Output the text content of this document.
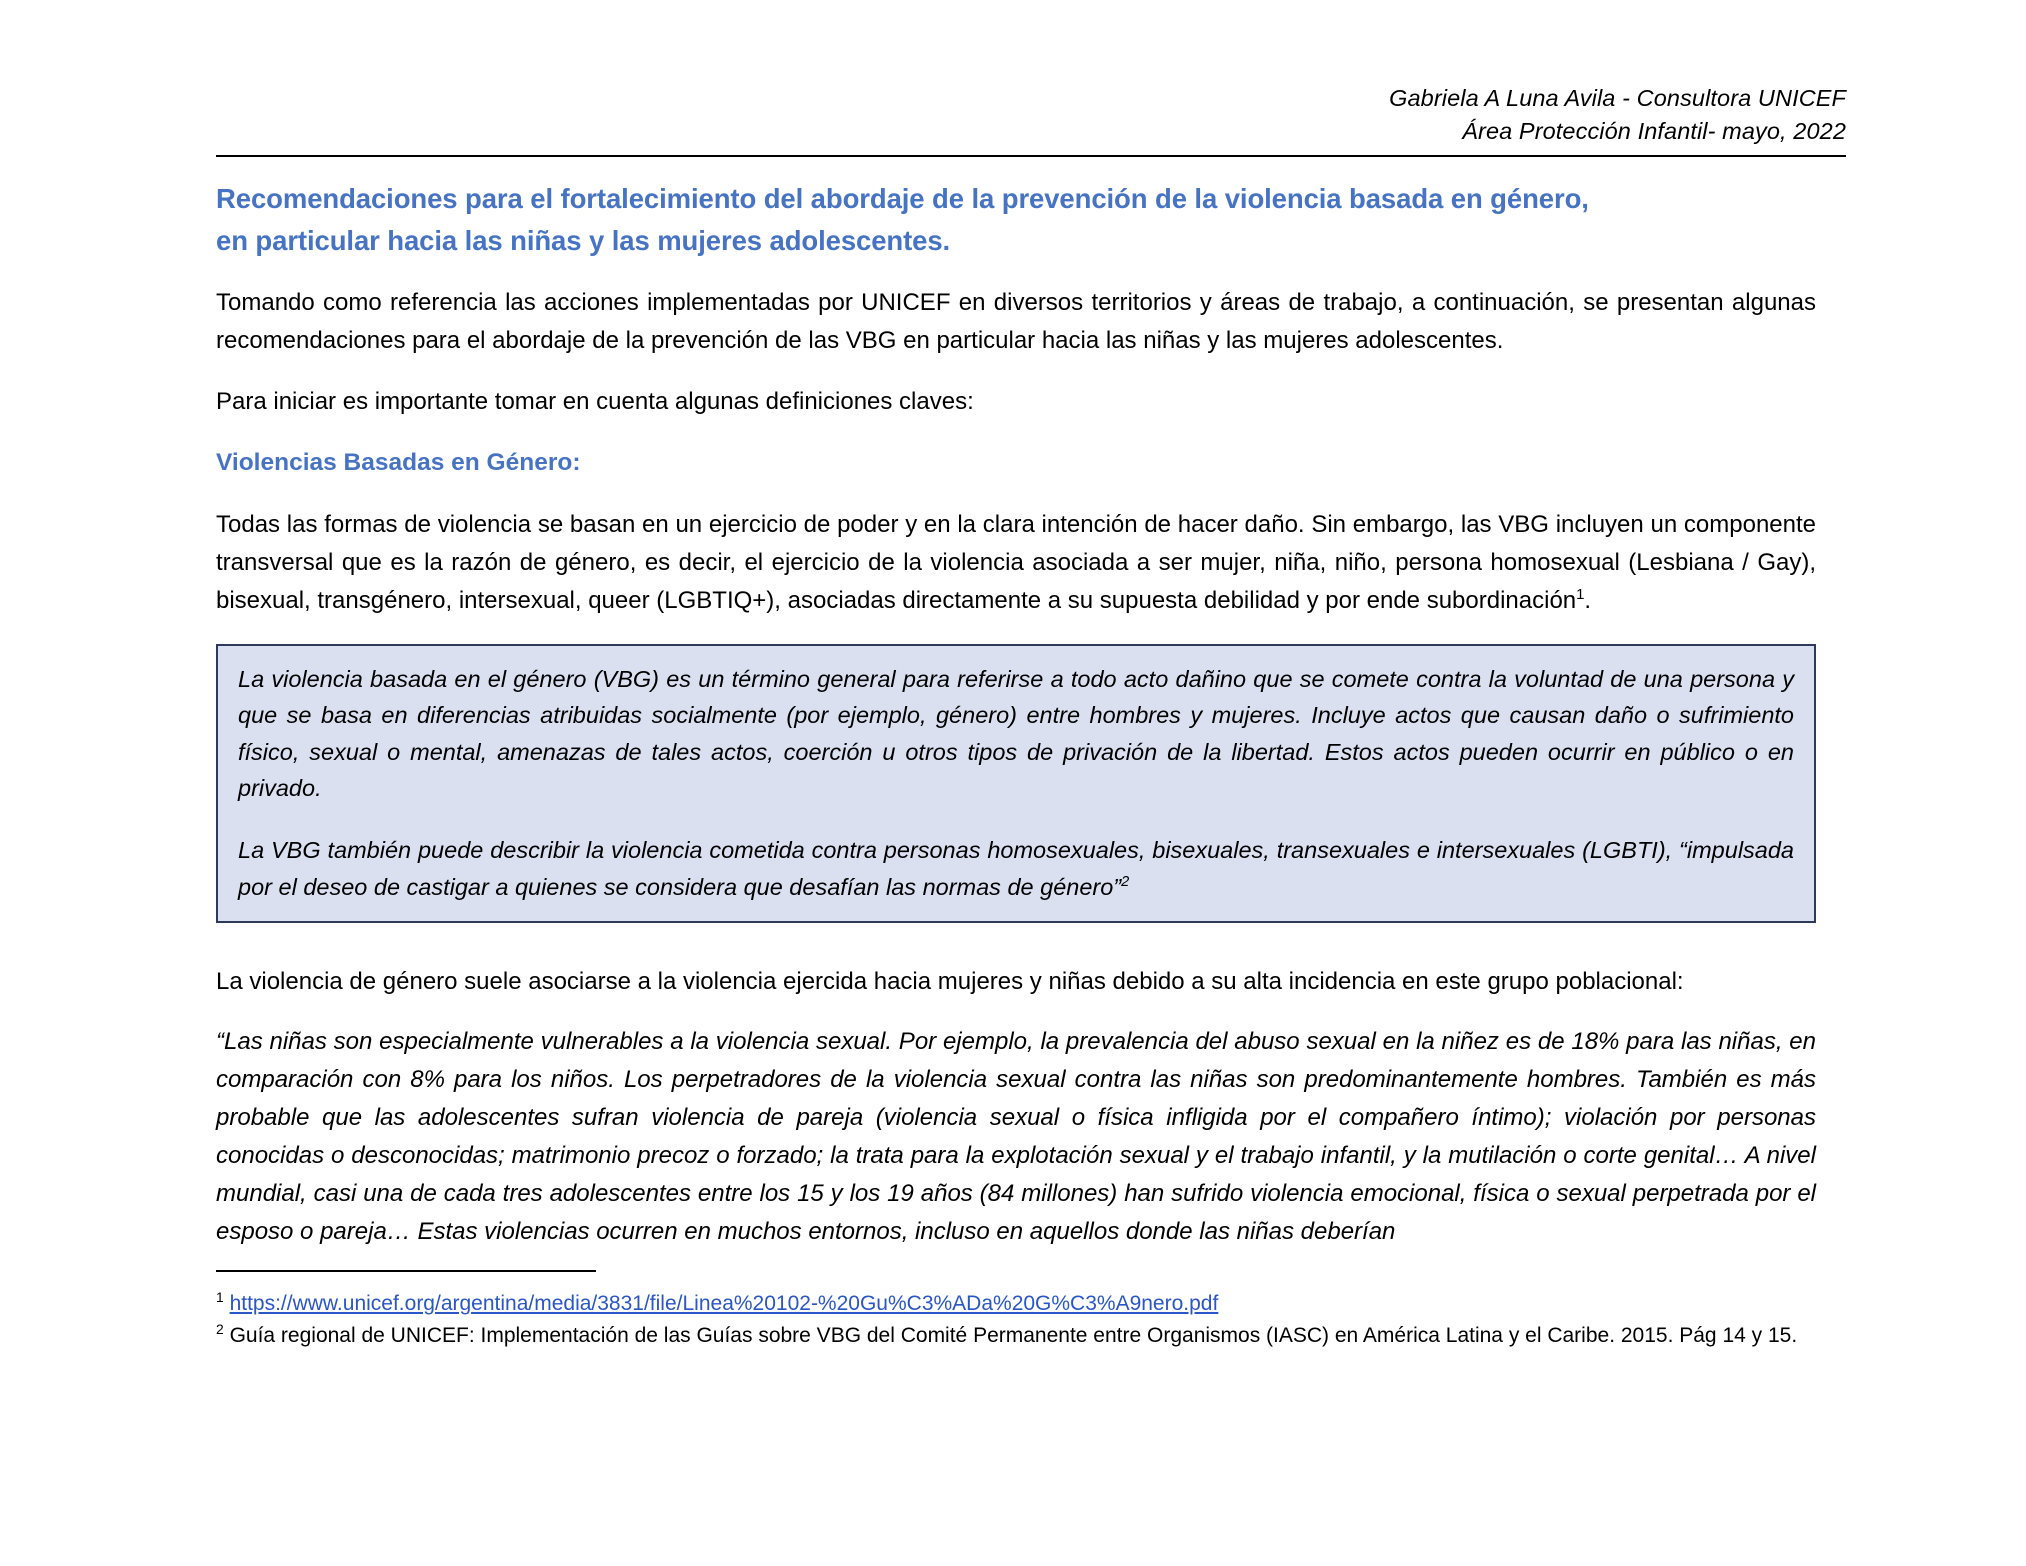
Gabriela A Luna Avila - Consultora UNICEF
Área Protección Infantil- mayo, 2022
Recomendaciones para el fortalecimiento del abordaje de la prevención de la violencia basada en género,
en particular hacia las niñas y las mujeres adolescentes.

Tomando como referencia las acciones implementadas por UNICEF en diversos territorios y áreas de trabajo, a continuación, se presentan algunas recomendaciones para el abordaje de la prevención de las VBG en particular hacia las niñas y las mujeres adolescentes.

Para iniciar es importante tomar en cuenta algunas definiciones claves:

Violencias Basadas en Género:

Todas las formas de violencia se basan en un ejercicio de poder y en la clara intención de hacer daño. Sin embargo, las VBG incluyen un componente transversal que es la razón de género, es decir, el ejercicio de la violencia asociada a ser mujer, niña, niño, persona homosexual (Lesbiana / Gay), bisexual, transgénero, intersexual, queer (LGBTIQ+), asociadas directamente a su supuesta debilidad y por ende subordinación$^1$.

La violencia basada en el género (VBG) es un término general para referirse a todo acto dañino que se comete contra la voluntad de una persona y que se basa en diferencias atribuidas socialmente (por ejemplo, género) entre hombres y mujeres. Incluye actos que causan daño o sufrimiento físico, sexual o mental, amenazas de tales actos, coerción u otros tipos de privación de la libertad. Estos actos pueden ocurrir en público o en privado.

La VBG también puede describir la violencia cometida contra personas homosexuales, bisexuales, transexuales e intersexuales (LGBTI), “impulsada por el deseo de castigar a quienes se considera que desafían las normas de género”$^2$

La violencia de género suele asociarse a la violencia ejercida hacia mujeres y niñas debido a su alta incidencia en este grupo poblacional:

“Las niñas son especialmente vulnerables a la violencia sexual. Por ejemplo, la prevalencia del abuso sexual en la niñez es de 18% para las niñas, en comparación con 8% para los niños. Los perpetradores de la violencia sexual contra las niñas son predominantemente hombres. También es más probable que las adolescentes sufran violencia de pareja (violencia sexual o física infligida por el compañero íntimo); violación por personas conocidas o desconocidas; matrimonio precoz o forzado; la trata para la explotación sexual y el trabajo infantil, y la mutilación o corte genital… A nivel mundial, casi una de cada tres adolescentes entre los 15 y los 19 años (84 millones) han sufrido violencia emocional, física o sexual perpetrada por el esposo o pareja… Estas violencias ocurren en muchos entornos, incluso en aquellos donde las niñas deberían

$^1$ https://www.unicef.org/argentina/media/3831/file/Linea%20102-%20Gu%C3%ADa%20G%C3%A9nero.pdf

$^2$ Guía regional de UNICEF: Implementación de las Guías sobre VBG del Comité Permanente entre Organismos (IASC) en América Latina y el Caribe. 2015. Pág 14 y 15.
